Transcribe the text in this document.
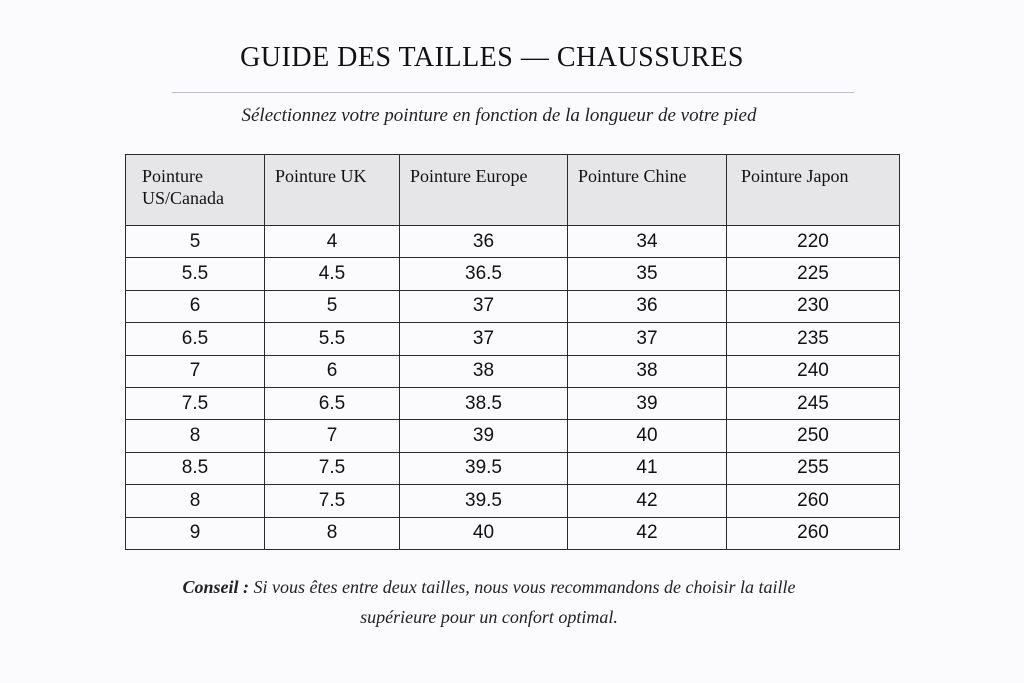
GUIDE DES TAILLES — CHAUSSURES
Sélectionnez votre pointure en fonction de la longueur de votre pied
Pointure US/Canada	Pointure UK	Pointure Europe	Pointure Chine	Pointure Japon
5	4	36	34	220
5.5	4.5	36.5	35	225
6	5	37	36	230
6.5	5.5	37	37	235
7	6	38	38	240
7.5	6.5	38.5	39	245
8	7	39	40	250
8.5	7.5	39.5	41	255
8	7.5	39.5	42	260
9	8	40	42	260
Conseil : Si vous êtes entre deux tailles, nous vous recommandons de choisir la taille
supérieure pour un confort optimal.
